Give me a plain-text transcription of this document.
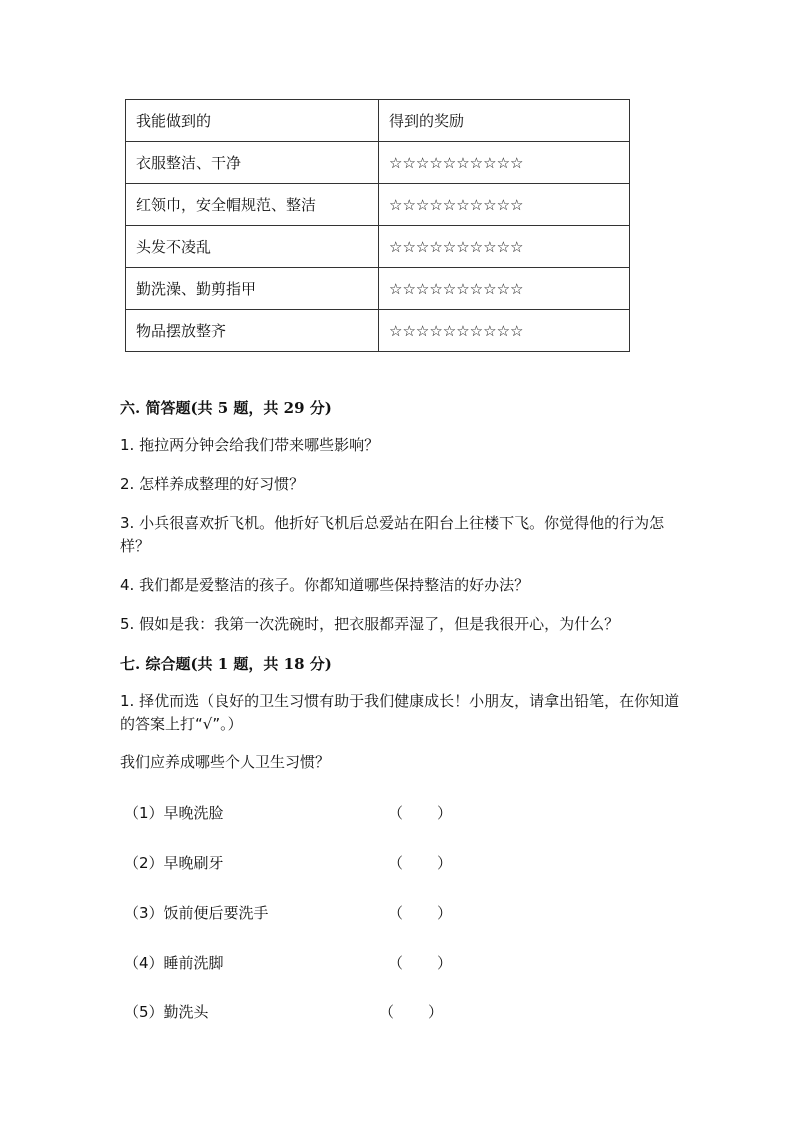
我能做到的	得到的奖励
衣服整洁、干净	☆☆☆☆☆☆☆☆☆☆
红领巾，安全帽规范、整洁	☆☆☆☆☆☆☆☆☆☆
头发不凌乱	☆☆☆☆☆☆☆☆☆☆
勤洗澡、勤剪指甲	☆☆☆☆☆☆☆☆☆☆
物品摆放整齐	☆☆☆☆☆☆☆☆☆☆
六. 简答题(共 5 题，共 29 分)
1. 拖拉两分钟会给我们带来哪些影响？
2. 怎样养成整理的好习惯？
3. 小兵很喜欢折飞机。他折好飞机后总爱站在阳台上往楼下飞。你觉得他的行为怎样？
4. 我们都是爱整洁的孩子。你都知道哪些保持整洁的好办法？
5. 假如是我：我第一次洗碗时，把衣服都弄湿了，但是我很开心，为什么？
七. 综合题(共 1 题，共 18 分)
1. 择优而选（良好的卫生习惯有助于我们健康成长！小朋友，请拿出铅笔，在你知道的答案上打“√”。）
我们应养成哪些个人卫生习惯？
（1）早晚洗脸	（ ）
（2）早晚刷牙	（ ）
（3）饭前便后要洗手	（ ）
（4）睡前洗脚	（ ）
（5）勤洗头	（ ）
